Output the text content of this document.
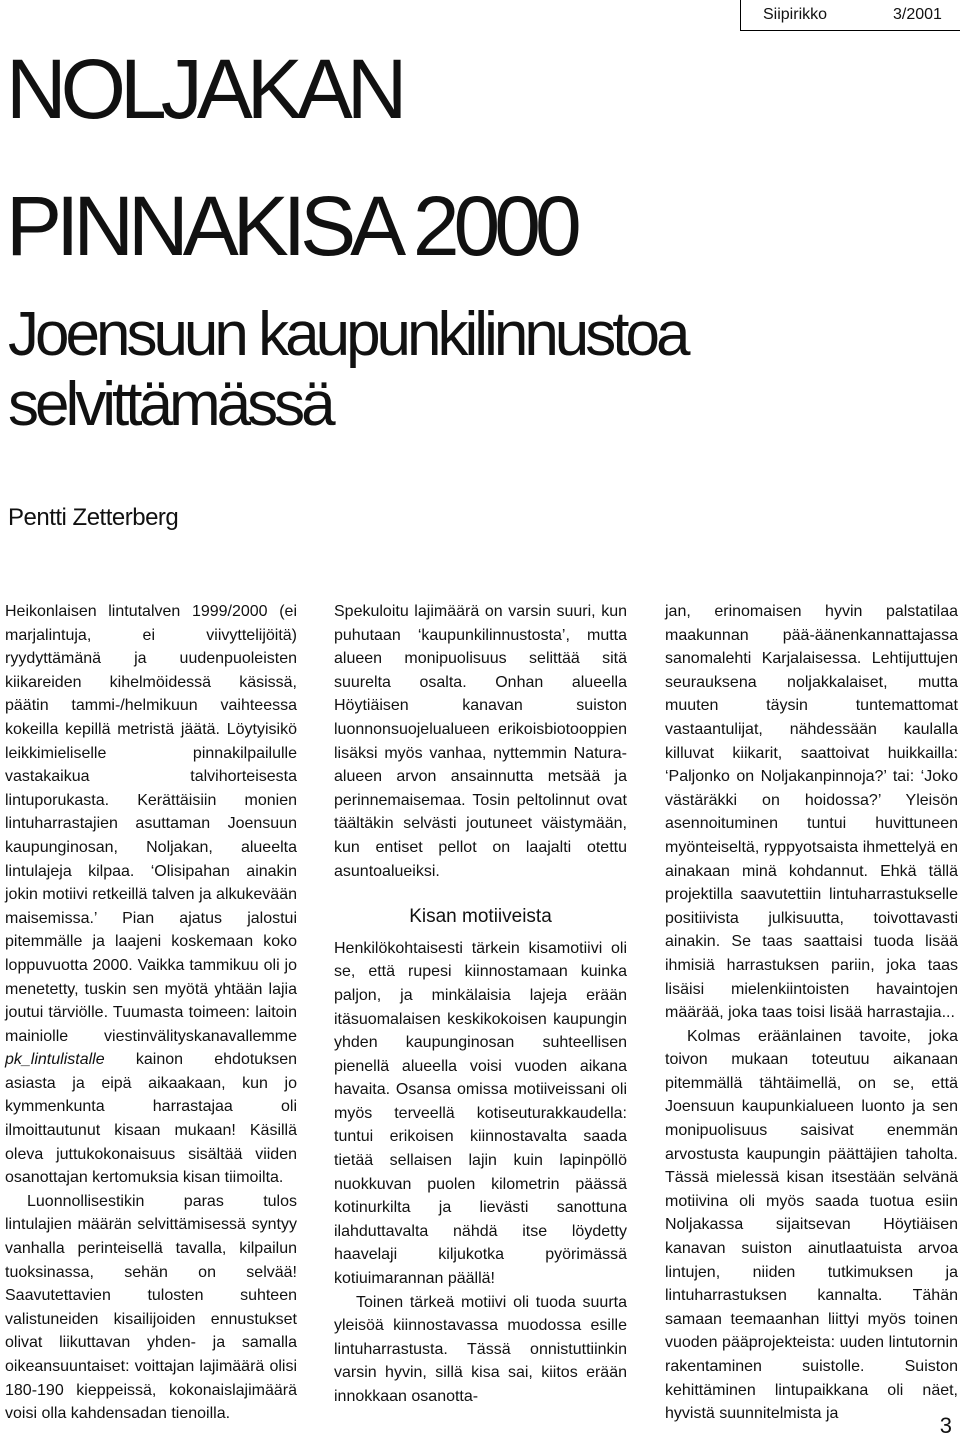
Siipirikko	3/2001
NOLJAKAN
PINNAKISA 2000
Joensuun kaupunkilinnustoa selvittämässä
Pentti Zetterberg

Heikonlaisen lintutalven 1999/2000 (ei marjalintuja, ei viivyttelijöitä) ryydyttämänä ja uudenpuoleisten kiikareiden kihelmöidessä käsissä, päätin tammi-/helmikuun vaihteessa kokeilla kepillä metristä jäätä. Löytyisikö leikkimieliselle pinnakilpailulle vastakaikua talvihorteisesta lintuporukasta. Kerättäisiin monien lintuharrastajien asuttaman Joensuun kaupunginosan, Noljakan, alueelta lintulajeja kilpaa. ‘Olisipahan ainakin jokin motiivi retkeillä talven ja alkukevään maisemissa.’ Pian ajatus jalostui pitemmälle ja laajeni koskemaan koko loppuvuotta 2000. Vaikka tammikuu oli jo menetetty, tuskin sen myötä yhtään lajia joutui tärviölle. Tuumasta toimeen: laitoin mainiolle viestinvälityskanavallemme pk_lintulistalle kainon ehdotuksen asiasta ja eipä aikaakaan, kun jo kymmenkunta harrastajaa oli ilmoittautunut kisaan mukaan! Käsillä oleva juttukokonaisuus sisältää viiden osanottajan kertomuksia kisan tiimoilta.

Luonnollisestikin paras tulos lintulajien määrän selvittämisessä syntyy vanhalla perinteisellä tavalla, kilpailun tuoksinassa, sehän on selvää! Saavutettavien tulosten suhteen valistuneiden kisailijoiden ennustukset olivat liikuttavan yhden- ja samalla oikeansuuntaiset: voittajan lajimäärä olisi 180-190 kieppeissä, kokonaislajimäärä voisi olla kahdensadan tienoilla.

Spekuloitu lajimäärä on varsin suuri, kun puhutaan ‘kaupunkilinnustosta’, mutta alueen monipuolisuus selittää sitä suurelta osalta. Onhan alueella Höytiäisen kanavan suiston luonnonsuojelualueen erikoisbiotooppien lisäksi myös vanhaa, nyttemmin Natura-alueen arvon ansainnutta metsää ja perinnemaisemaa. Tosin peltolinnut ovat täältäkin selvästi joutuneet väistymään, kun entiset pellot on laajalti otettu asuntoalueiksi.

Kisan motiiveista

Henkilökohtaisesti tärkein kisamotiivi oli se, että rupesi kiinnostamaan kuinka paljon, ja minkälaisia lajeja erään itäsuomalaisen keskikokoisen kaupungin yhden kaupunginosan suhteellisen pienellä alueella voisi vuoden aikana havaita. Osansa omissa motiiveissani oli myös terveellä kotiseuturakkaudella: tuntui erikoisen kiinnostavalta saada tietää sellaisen lajin kuin lapinpöllö nuokkuvan puolen kilometrin päässä kotinurkilta ja lievästi sanottuna ilahduttavalta nähdä itse löydetty haavelaji kiljukotka pyörimässä kotiuimarannan päällä!

Toinen tärkeä motiivi oli tuoda suurta yleisöä kiinnostavassa muodossa esille lintuharrastusta. Tässä onnistuttiinkin varsin hyvin, sillä kisa sai, kiitos erään innokkaan osanotta-

jan, erinomaisen hyvin palstatilaa maakunnan pää-äänenkannattajassa sanomalehti Karjalaisessa. Lehtijuttujen seurauksena noljakkalaiset, mutta muuten täysin tuntemattomat vastaantulijat, nähdessään kaulalla killuvat kiikarit, saattoivat huikkailla: ‘Paljonko on Noljakanpinnoja?’ tai: ‘Joko västäräkki on hoidossa?’ Yleisön asennoituminen tuntui huvittuneen myönteiseltä, ryppyotsaista ihmettelyä en ainakaan minä kohdannut. Ehkä tällä projektilla saavutettiin lintuharrastukselle positiivista julkisuutta, toivottavasti ainakin. Se taas saattaisi tuoda lisää ihmisiä harrastuksen pariin, joka taas lisäisi mielenkiintoisten havaintojen määrää, joka taas toisi lisää harrastajia...

Kolmas eräänlainen tavoite, joka toivon mukaan toteutuu aikanaan pitemmällä tähtäimellä, on se, että Joensuun kaupunkialueen luonto ja sen monipuolisuus saisivat enemmän arvostusta kaupungin päättäjien taholta. Tässä mielessä kisan itsestään selvänä motiivina oli myös saada tuotua esiin Noljakassa sijaitsevan Höytiäisen kanavan suiston ainutlaatuista arvoa lintujen, niiden tutkimuksen ja lintuharrastuksen kannalta. Tähän samaan teemaanhan liittyi myös toinen vuoden pääprojekteista: uuden lintutornin rakentaminen suistolle. Suiston kehittäminen lintupaikkana oli näet, hyvistä suunnitelmista ja	3
